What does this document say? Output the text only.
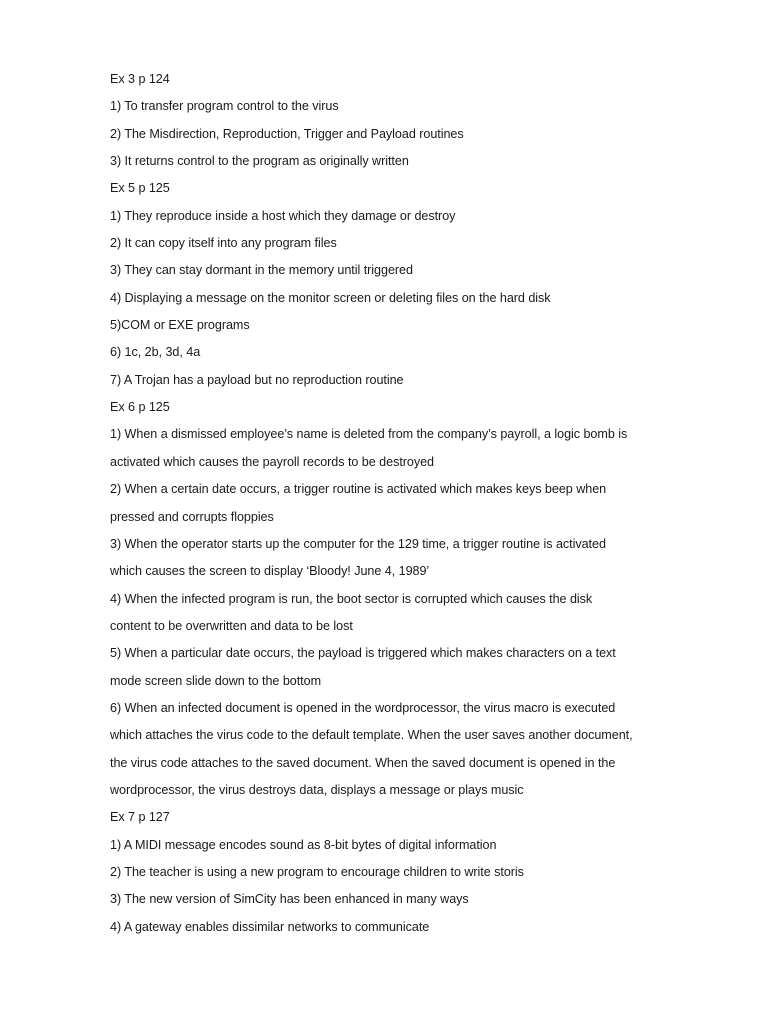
Ex 3 p 124
1) To transfer program control to the virus
2) The Misdirection, Reproduction, Trigger and Payload routines
3) It returns control to the program as originally written
Ex 5 p 125
1) They reproduce inside a host which they damage or destroy
2) It can copy itself into any program files
3) They can stay dormant in the memory until triggered
4) Displaying a message on the monitor screen or deleting files on the hard disk
5)COM or EXE programs
6) 1c, 2b, 3d, 4a
7) A Trojan has a payload but no reproduction routine
Ex 6 p 125
1) When a dismissed employee’s name is deleted from the company’s payroll, a logic bomb is
activated which causes the payroll records to be destroyed
2) When a certain date occurs, a trigger routine is activated which makes keys beep when
pressed and corrupts floppies
3) When the operator starts up the computer for the 129 time, a trigger routine is activated
which causes the screen to display ‘Bloody! June 4, 1989’
4) When the infected program is run, the boot sector is corrupted which causes the disk
content to be overwritten and data to be lost
5) When a particular date occurs, the payload is triggered which makes characters on a text
mode screen slide down to the bottom
6) When an infected document is opened in the wordprocessor, the virus macro is executed
which attaches the virus code to the default template. When the user saves another document,
the virus code attaches to the saved document. When the saved document is opened in the
wordprocessor, the virus destroys data, displays a message or plays music
Ex 7 p 127
1) A MIDI message encodes sound as 8-bit bytes of digital information
2) The teacher is using a new program to encourage children to write storis
3) The new version of SimCity has been enhanced in many ways
4) A gateway enables dissimilar networks to communicate
